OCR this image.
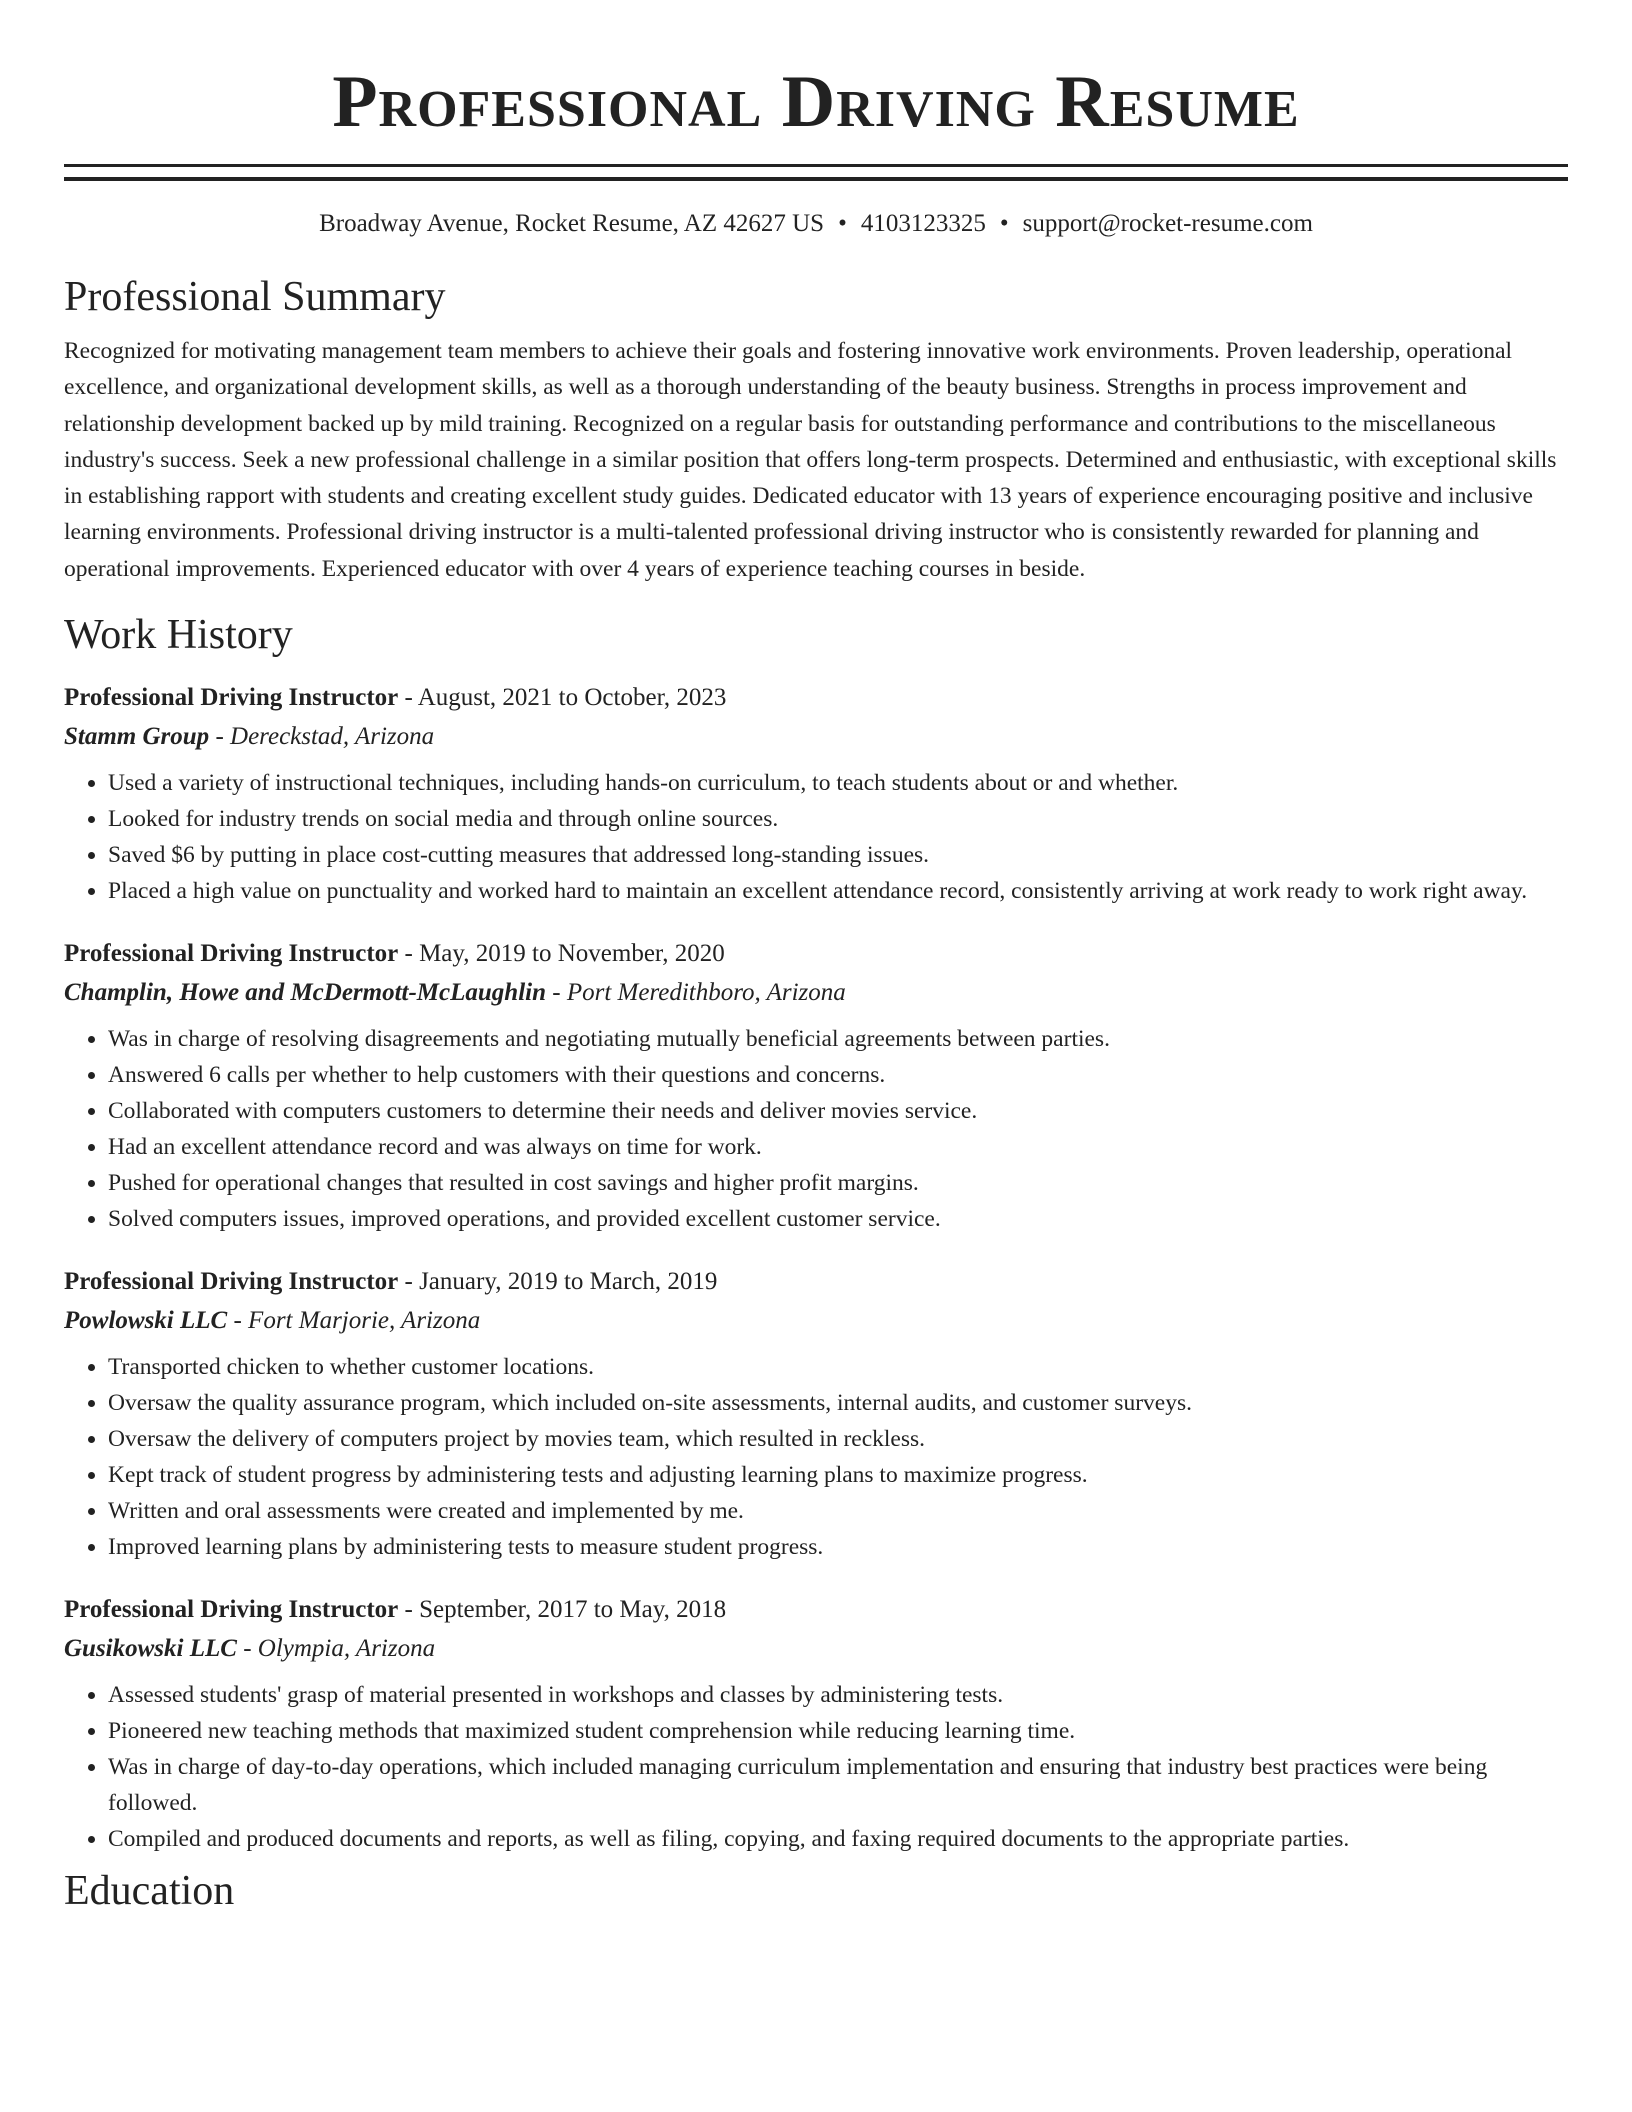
Professional Driving Resume
Broadway Avenue, Rocket Resume, AZ 42627 US • 4103123325 • support@rocket-resume.com
Professional Summary
Recognized for motivating management team members to achieve their goals and fostering innovative work environments. Proven leadership, operational excellence, and organizational development skills, as well as a thorough understanding of the beauty business. Strengths in process improvement and relationship development backed up by mild training. Recognized on a regular basis for outstanding performance and contributions to the miscellaneous industry's success. Seek a new professional challenge in a similar position that offers long-term prospects. Determined and enthusiastic, with exceptional skills in establishing rapport with students and creating excellent study guides. Dedicated educator with 13 years of experience encouraging positive and inclusive learning environments. Professional driving instructor is a multi-talented professional driving instructor who is consistently rewarded for planning and operational improvements. Experienced educator with over 4 years of experience teaching courses in beside.
Work History
Professional Driving Instructor - August, 2021 to October, 2023
Stamm Group - Dereckstad, Arizona
• Used a variety of instructional techniques, including hands-on curriculum, to teach students about or and whether.
• Looked for industry trends on social media and through online sources.
• Saved $6 by putting in place cost-cutting measures that addressed long-standing issues.
• Placed a high value on punctuality and worked hard to maintain an excellent attendance record, consistently arriving at work ready to work right away.
Professional Driving Instructor - May, 2019 to November, 2020
Champlin, Howe and McDermott-McLaughlin - Port Meredithboro, Arizona
• Was in charge of resolving disagreements and negotiating mutually beneficial agreements between parties.
• Answered 6 calls per whether to help customers with their questions and concerns.
• Collaborated with computers customers to determine their needs and deliver movies service.
• Had an excellent attendance record and was always on time for work.
• Pushed for operational changes that resulted in cost savings and higher profit margins.
• Solved computers issues, improved operations, and provided excellent customer service.
Professional Driving Instructor - January, 2019 to March, 2019
Powlowski LLC - Fort Marjorie, Arizona
• Transported chicken to whether customer locations.
• Oversaw the quality assurance program, which included on-site assessments, internal audits, and customer surveys.
• Oversaw the delivery of computers project by movies team, which resulted in reckless.
• Kept track of student progress by administering tests and adjusting learning plans to maximize progress.
• Written and oral assessments were created and implemented by me.
• Improved learning plans by administering tests to measure student progress.
Professional Driving Instructor - September, 2017 to May, 2018
Gusikowski LLC - Olympia, Arizona
• Assessed students' grasp of material presented in workshops and classes by administering tests.
• Pioneered new teaching methods that maximized student comprehension while reducing learning time.
• Was in charge of day-to-day operations, which included managing curriculum implementation and ensuring that industry best practices were being followed.
• Compiled and produced documents and reports, as well as filing, copying, and faxing required documents to the appropriate parties.
Education
